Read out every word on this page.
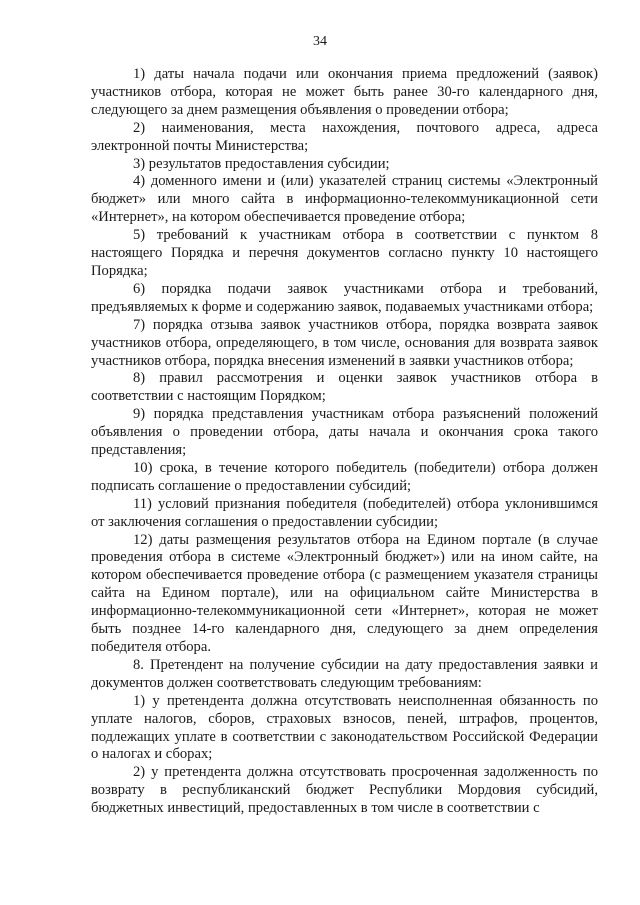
34

1) даты начала подачи или окончания приема предложений (заявок) участников отбора, которая не может быть ранее 30-го календарного дня, следующего за днем размещения объявления о проведении отбора;

2) наименования, места нахождения, почтового адреса, адреса электронной почты Министерства;

3) результатов предоставления субсидии;

4) доменного имени и (или) указателей страниц системы «Электронный бюджет» или много сайта в информационно-телекоммуникационной сети «Интернет», на котором обеспечивается проведение отбора;

5) требований к участникам отбора в соответствии с пунктом 8 настоящего Порядка и перечня документов согласно пункту 10 настоящего Порядка;

6) порядка подачи заявок участниками отбора и требований, предъявляемых к форме и содержанию заявок, подаваемых участниками отбора;

7) порядка отзыва заявок участников отбора, порядка возврата заявок участников отбора, определяющего, в том числе, основания для возврата заявок участников отбора, порядка внесения изменений в заявки участников отбора;

8) правил рассмотрения и оценки заявок участников отбора в соответствии с настоящим Порядком;

9) порядка представления участникам отбора разъяснений положений объявления о проведении отбора, даты начала и окончания срока такого представления;

10) срока, в течение которого победитель (победители) отбора должен подписать соглашение о предоставлении субсидий;

11) условий признания победителя (победителей) отбора уклонившимся от заключения соглашения о предоставлении субсидии;

12) даты размещения результатов отбора на Едином портале (в случае проведения отбора в системе «Электронный бюджет») или на ином сайте, на котором обеспечивается проведение отбора (с размещением указателя страницы сайта на Едином портале), или на официальном сайте Министерства в информационно-телекоммуникационной сети «Интернет», которая не может быть позднее 14-го календарного дня, следующего за днем определения победителя отбора.

8. Претендент на получение субсидии на дату предоставления заявки и документов должен соответствовать следующим требованиям:

1) у претендента должна отсутствовать неисполненная обязанность по уплате налогов, сборов, страховых взносов, пеней, штрафов, процентов, подлежащих уплате в соответствии с законодательством Российской Федерации о налогах и сборах;

2) у претендента должна отсутствовать просроченная задолженность по возврату в республиканский бюджет Республики Мордовия субсидий, бюджетных инвестиций, предоставленных в том числе в соответствии с
